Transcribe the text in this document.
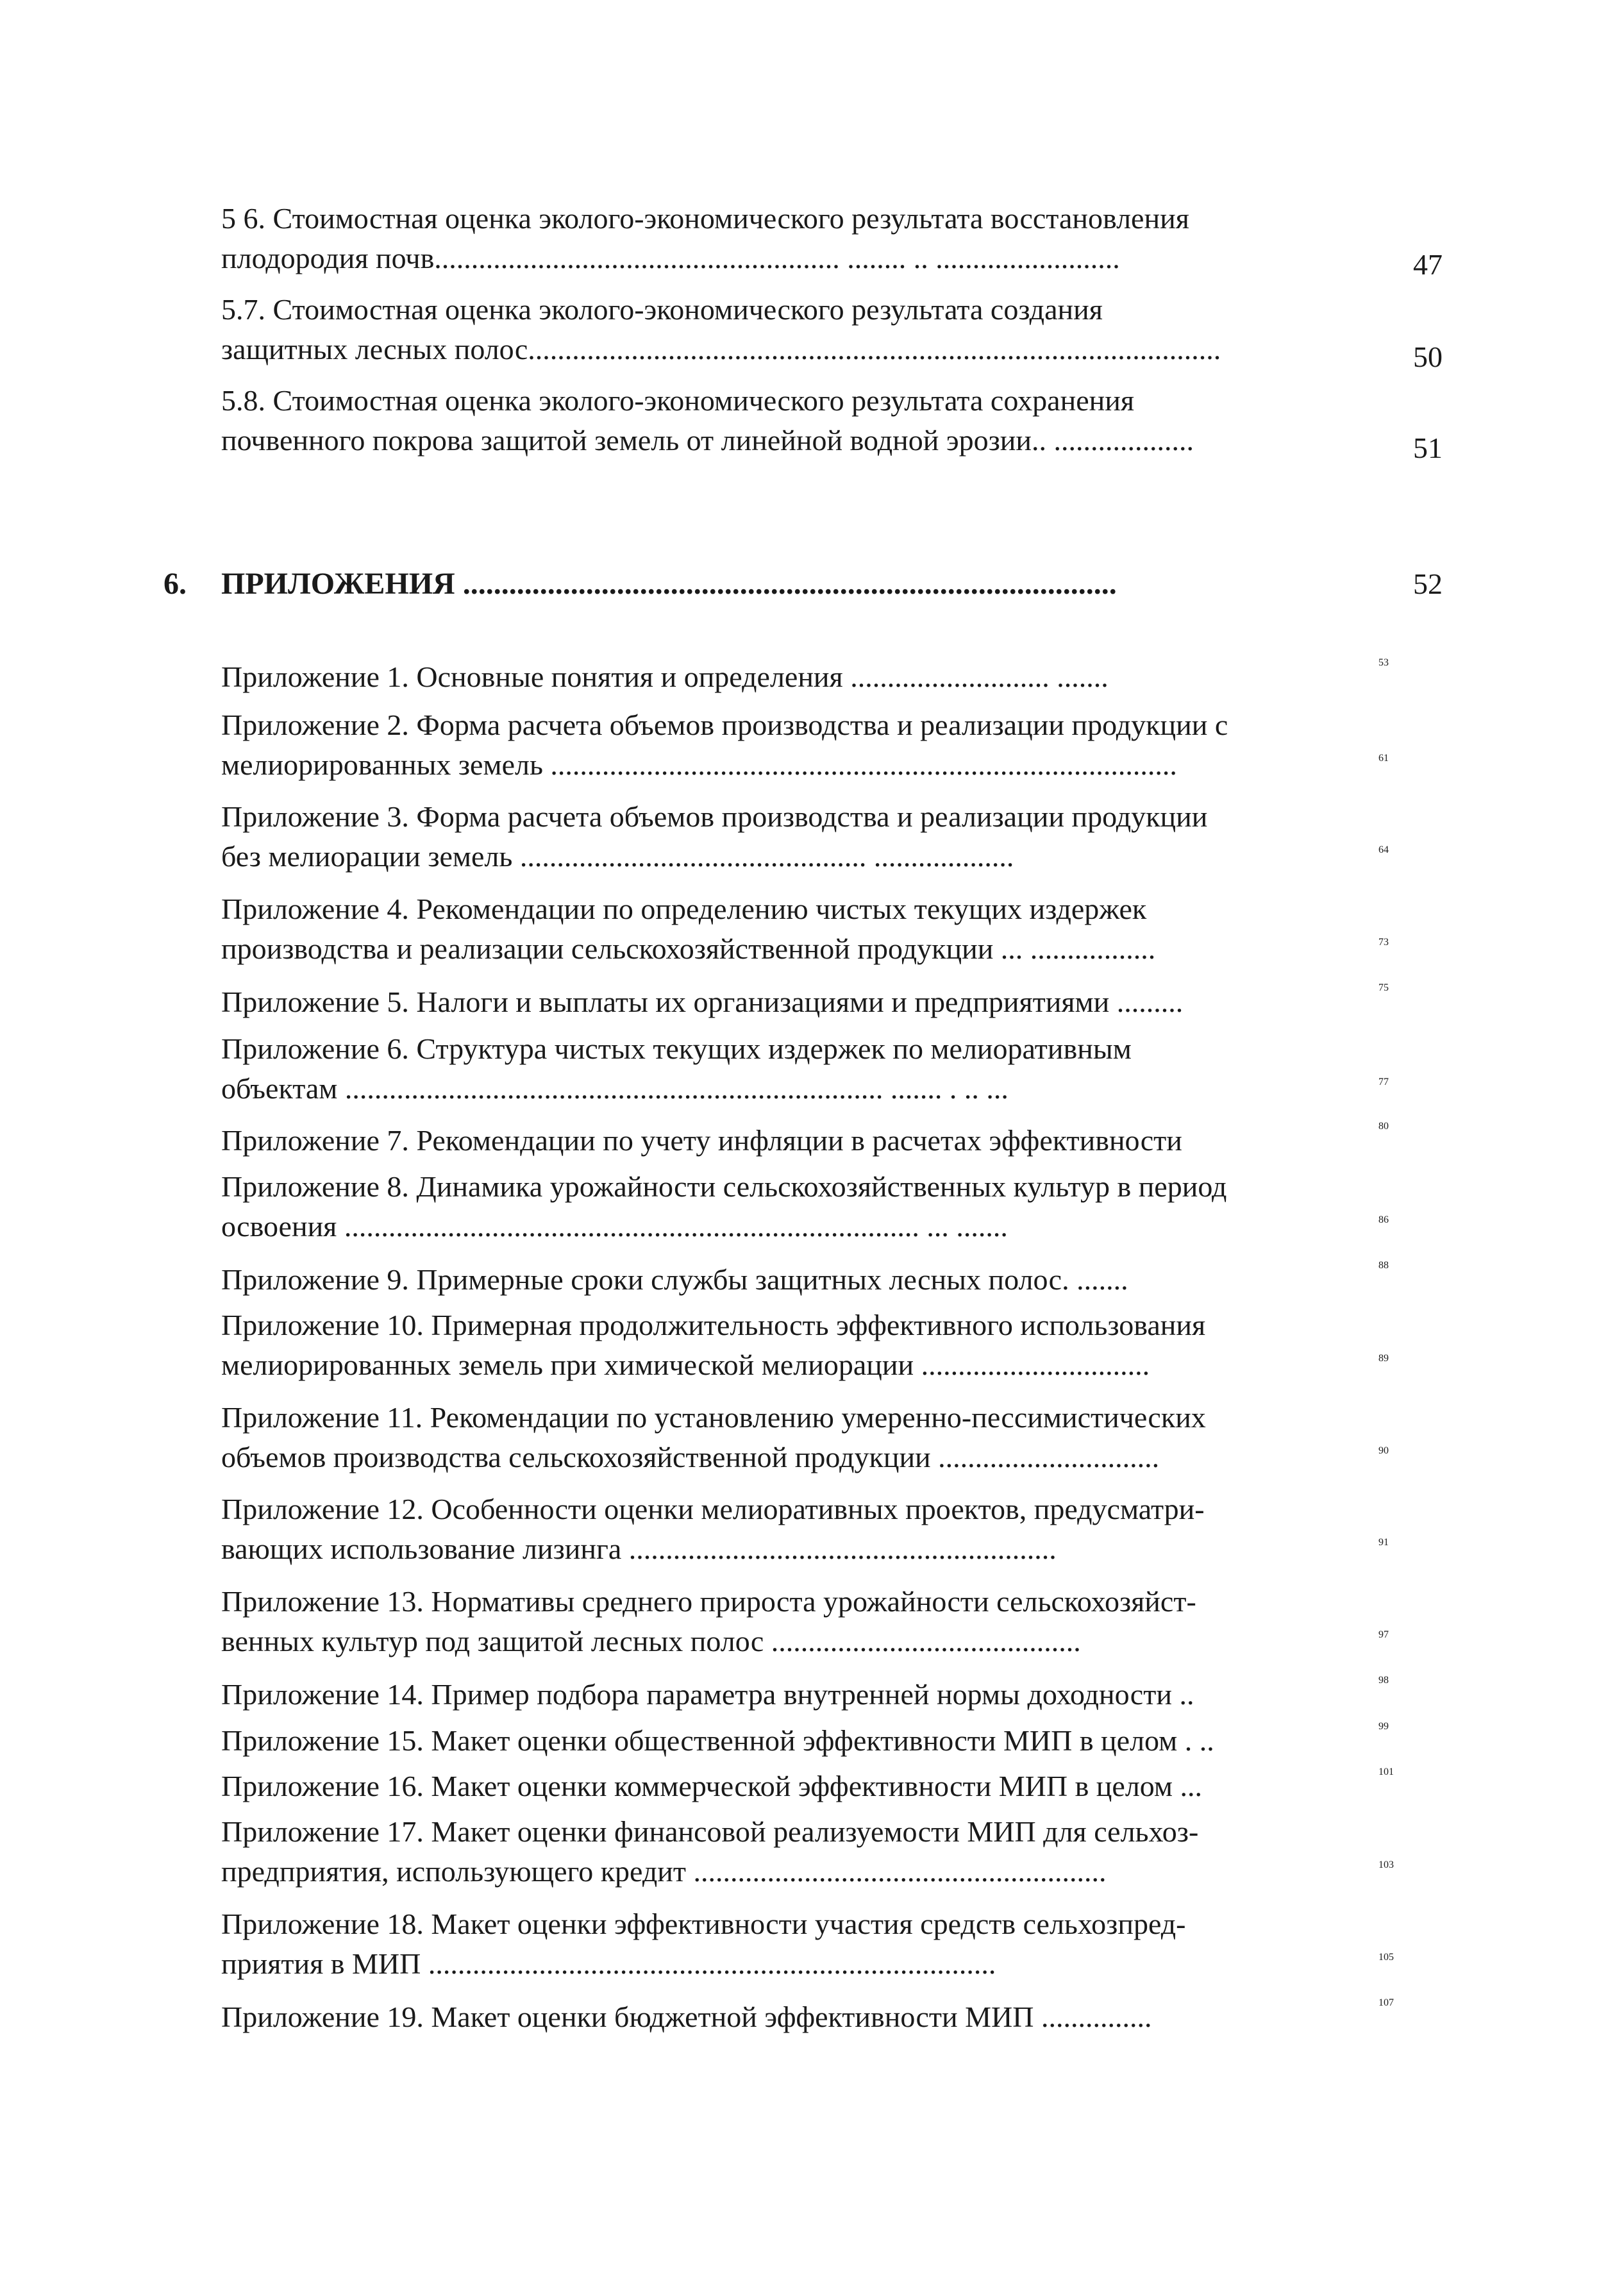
5 6. Стоимостная оценка эколого-экономического результата восстановления
плодородия почв....................................................... ........ .. .........................	47
5.7. Стоимостная оценка эколого-экономического результата создания
защитных лесных полос..............................................................................................	50
5.8. Стоимостная оценка эколого-экономического результата сохранения
почвенного покрова защитой земель от линейной водной эрозии.. ...................	51
6. ПРИЛОЖЕНИЯ .....................................................................................	52
Приложение 1. Основные понятия и определения ........................... .......	53
Приложение 2. Форма расчета объемов производства и реализации продукции с
мелиорированных земель .....................................................................................	61
Приложение 3. Форма расчета объемов производства и реализации продукции
без мелиорации земель ............................................... ...................	64
Приложение 4. Рекомендации по определению чистых текущих издержек
производства и реализации сельскохозяйственной продукции ... .................	73
Приложение 5. Налоги и выплаты их организациями и предприятиями .........	75
Приложение 6. Структура чистых текущих издержек по мелиоративным
объектам ......................................................................... ....... . .. ...	77
Приложение 7. Рекомендации по учету инфляции в расчетах эффективности	80
Приложение 8. Динамика урожайности сельскохозяйственных культур в период
освоения .............................................................................. ... .......	86
Приложение 9. Примерные сроки службы защитных лесных полос. .......	88
Приложение 10. Примерная продолжительность эффективного использования
мелиорированных земель при химической мелиорации ...............................	89
Приложение 11. Рекомендации по установлению умеренно-пессимистических
объемов производства сельскохозяйственной продукции ..............................	90
Приложение 12. Особенности оценки мелиоративных проектов, предусматри-
вающих использование лизинга ..........................................................	91
Приложение 13. Нормативы среднего прироста урожайности сельскохозяйст-
венных культур под защитой лесных полос ..........................................	97
Приложение 14. Пример подбора параметра внутренней нормы доходности ..	98
Приложение 15. Макет оценки общественной эффективности МИП в целом . ..	99
Приложение 16. Макет оценки коммерческой эффективности МИП в целом ...	101
Приложение 17. Макет оценки финансовой реализуемости МИП для сельхоз-
предприятия, использующего кредит ........................................................	103
Приложение 18. Макет оценки эффективности участия средств сельхозпред-
приятия в МИП .............................................................................	105
Приложение 19. Макет оценки бюджетной эффективности МИП ...............	107
